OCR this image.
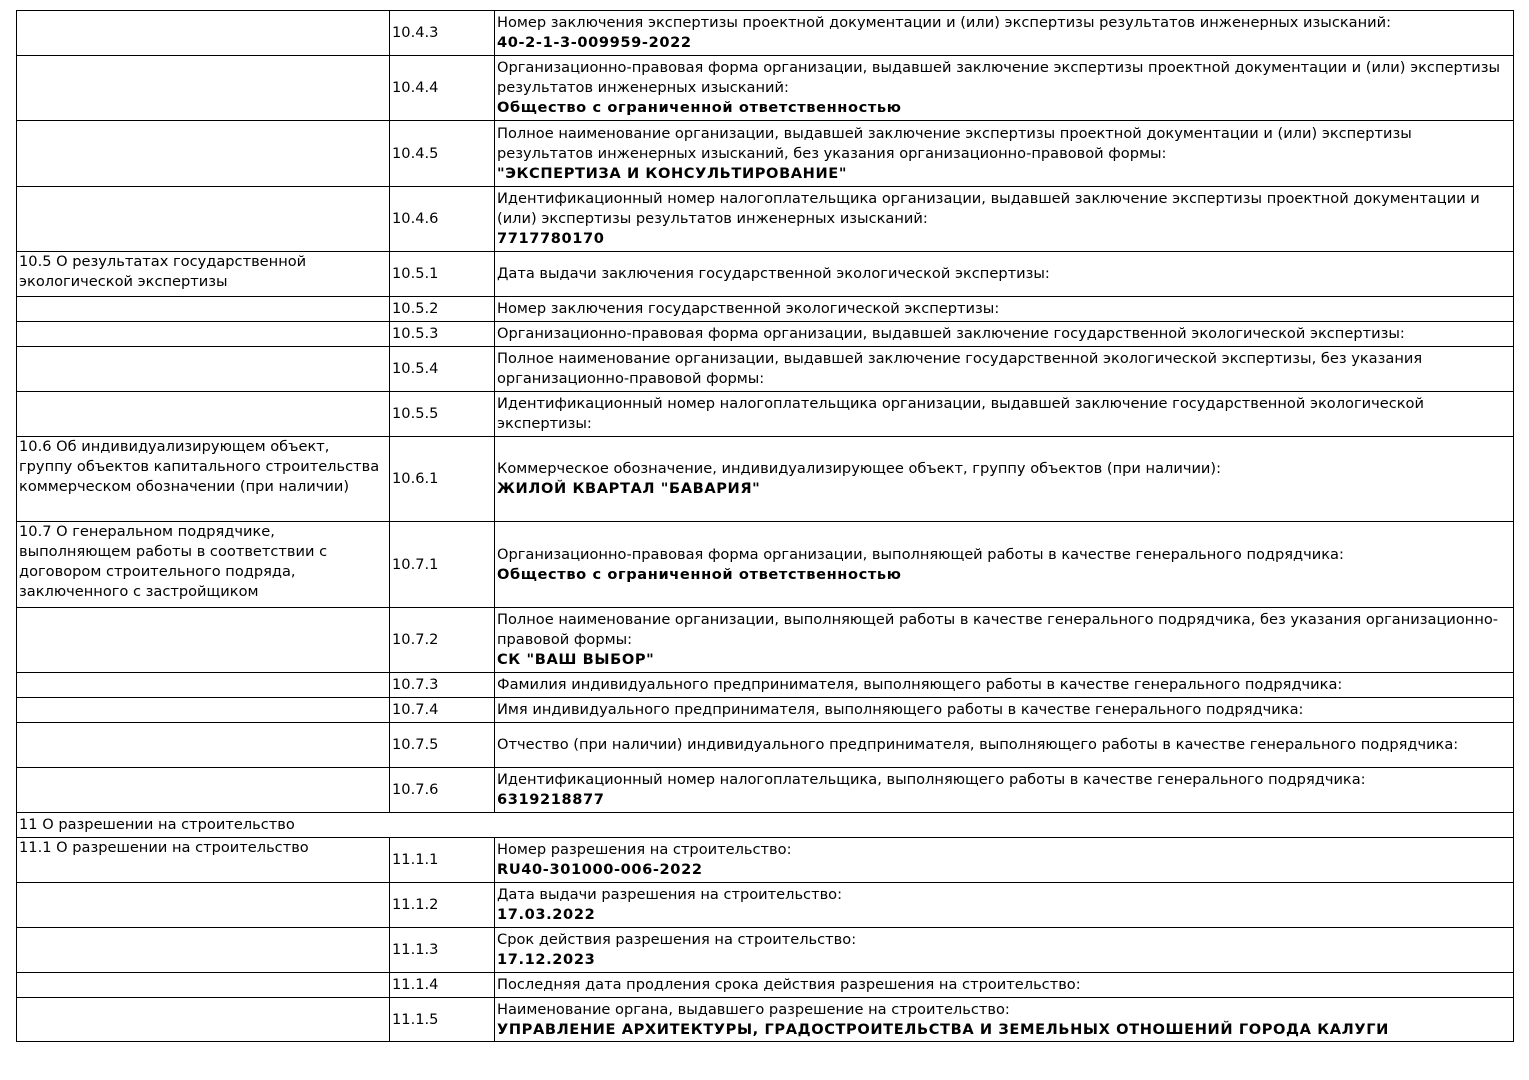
	10.4.3	Номер заключения экспертизы проектной документации и (или) экспертизы результатов инженерных изысканий:
40-2-1-3-009959-2022

	10.4.4	Организационно-правовая форма организации, выдавшей заключение экспертизы проектной документации и (или) экспертизы результатов инженерных изысканий:
Общество с ограниченной ответственностью

	10.4.5	Полное наименование организации, выдавшей заключение экспертизы проектной документации и (или) экспертизы результатов инженерных изысканий, без указания организационно-правовой формы:
"ЭКСПЕРТИЗА И КОНСУЛЬТИРОВАНИЕ"

	10.4.6	Идентификационный номер налогоплательщика организации, выдавшей заключение экспертизы проектной документации и (или) экспертизы результатов инженерных изысканий:
7717780170

10.5 О результатах государственной экологической экспертизы	10.5.1	Дата выдачи заключения государственной экологической экспертизы:

	10.5.2	Номер заключения государственной экологической экспертизы:

	10.5.3	Организационно-правовая форма организации, выдавшей заключение государственной экологической экспертизы:

	10.5.4	Полное наименование организации, выдавшей заключение государственной экологической экспертизы, без указания организационно-правовой формы:

	10.5.5	Идентификационный номер налогоплательщика организации, выдавшей заключение государственной экологической экспертизы:

10.6 Об индивидуализирующем объект, группу объектов капитального строительства коммерческом обозначении (при наличии)	10.6.1	Коммерческое обозначение, индивидуализирующее объект, группу объектов (при наличии):
ЖИЛОЙ КВАРТАЛ "БАВАРИЯ"

10.7 О генеральном подрядчике, выполняющем работы в соответствии с договором строительного подряда, заключенного с застройщиком	10.7.1	Организационно-правовая форма организации, выполняющей работы в качестве генерального подрядчика:
Общество с ограниченной ответственностью

	10.7.2	Полное наименование организации, выполняющей работы в качестве генерального подрядчика, без указания организационно-правовой формы:
СК "ВАШ ВЫБОР"

	10.7.3	Фамилия индивидуального предпринимателя, выполняющего работы в качестве генерального подрядчика:

	10.7.4	Имя индивидуального предпринимателя, выполняющего работы в качестве генерального подрядчика:

	10.7.5	Отчество (при наличии) индивидуального предпринимателя, выполняющего работы в качестве генерального подрядчика:

	10.7.6	Идентификационный номер налогоплательщика, выполняющего работы в качестве генерального подрядчика:
6319218877

11 О разрешении на строительство		
11.1 О разрешении на строительство	11.1.1	Номер разрешения на строительство:
RU40-301000-006-2022

	11.1.2	Дата выдачи разрешения на строительство:
17.03.2022

	11.1.3	Срок действия разрешения на строительство:
17.12.2023

	11.1.4	Последняя дата продления срока действия разрешения на строительство:

	11.1.5	Наименование органа, выдавшего разрешение на строительство:
УПРАВЛЕНИЕ АРХИТЕКТУРЫ, ГРАДОСТРОИТЕЛЬСТВА И ЗЕМЕЛЬНЫХ ОТНОШЕНИЙ ГОРОДА КАЛУГИ
